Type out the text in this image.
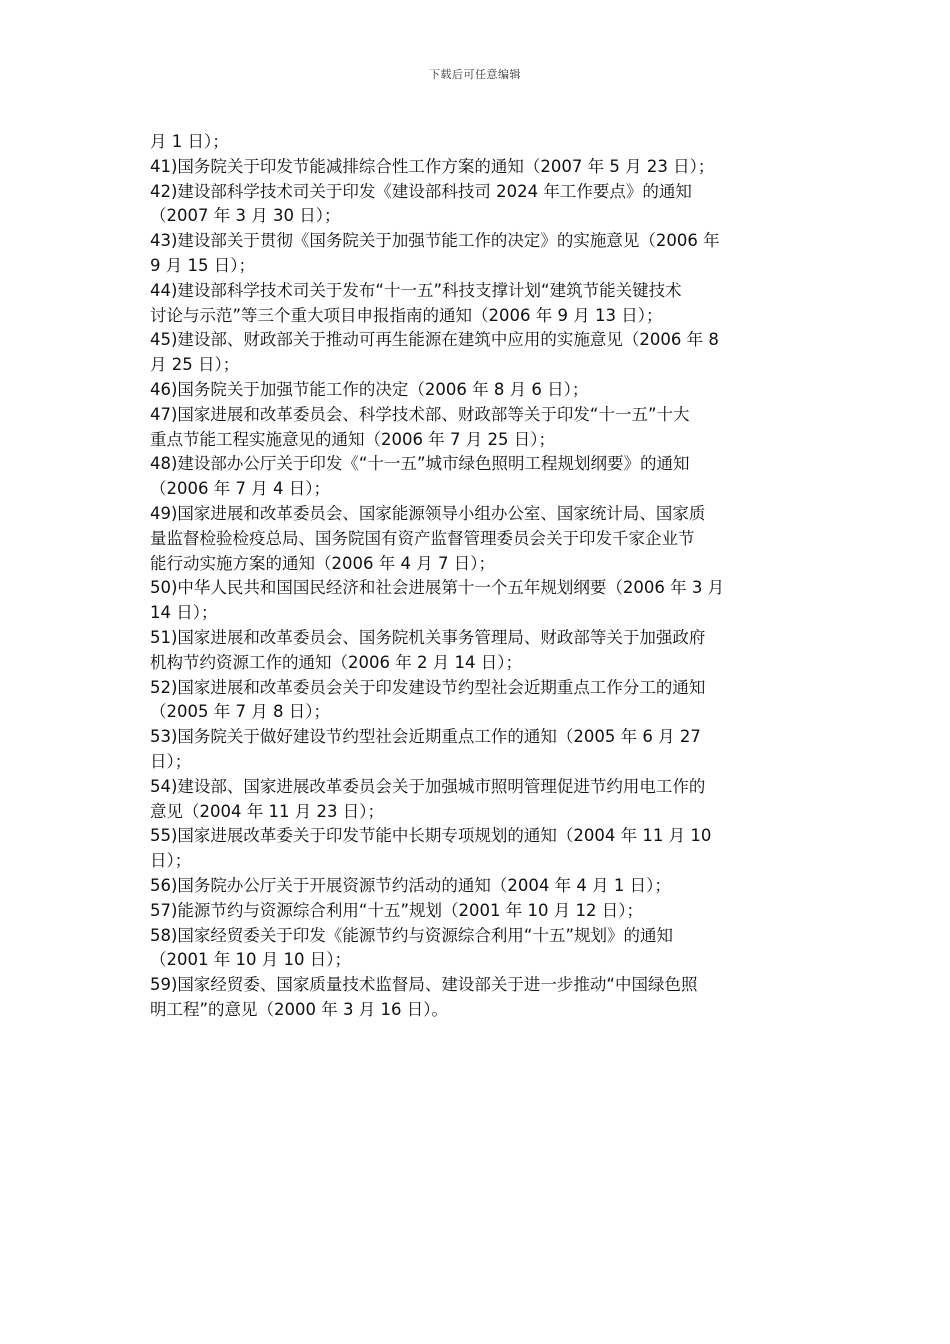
下载后可任意编辑
月 1 日）；
41)国务院关于印发节能减排综合性工作方案的通知（2007 年 5 月 23 日）；
42)建设部科学技术司关于印发《建设部科技司 2024 年工作要点》的通知
（2007 年 3 月 30 日）；
43)建设部关于贯彻《国务院关于加强节能工作的决定》的实施意见（2006 年
9 月 15 日）；
44)建设部科学技术司关于发布“十一五”科技支撑计划“建筑节能关键技术
讨论与示范”等三个重大项目申报指南的通知（2006 年 9 月 13 日）；
45)建设部、财政部关于推动可再生能源在建筑中应用的实施意见（2006 年 8
月 25 日）；
46)国务院关于加强节能工作的决定（2006 年 8 月 6 日）；
47)国家进展和改革委员会、科学技术部、财政部等关于印发“十一五”十大
重点节能工程实施意见的通知（2006 年 7 月 25 日）；
48)建设部办公厅关于印发《“十一五”城市绿色照明工程规划纲要》的通知
（2006 年 7 月 4 日）；
49)国家进展和改革委员会、国家能源领导小组办公室、国家统计局、国家质
量监督检验检疫总局、国务院国有资产监督管理委员会关于印发千家企业节
能行动实施方案的通知（2006 年 4 月 7 日）；
50)中华人民共和国国民经济和社会进展第十一个五年规划纲要（2006 年 3 月
14 日）；
51)国家进展和改革委员会、国务院机关事务管理局、财政部等关于加强政府
机构节约资源工作的通知（2006 年 2 月 14 日）；
52)国家进展和改革委员会关于印发建设节约型社会近期重点工作分工的通知
（2005 年 7 月 8 日）；
53)国务院关于做好建设节约型社会近期重点工作的通知（2005 年 6 月 27
日）；
54)建设部、国家进展改革委员会关于加强城市照明管理促进节约用电工作的
意见（2004 年 11 月 23 日）；
55)国家进展改革委关于印发节能中长期专项规划的通知（2004 年 11 月 10
日）；
56)国务院办公厅关于开展资源节约活动的通知（2004 年 4 月 1 日）；
57)能源节约与资源综合利用“十五”规划（2001 年 10 月 12 日）；
58)国家经贸委关于印发《能源节约与资源综合利用“十五”规划》的通知
（2001 年 10 月 10 日）；
59)国家经贸委、国家质量技术监督局、建设部关于进一步推动“中国绿色照
明工程”的意见（2000 年 3 月 16 日）。
